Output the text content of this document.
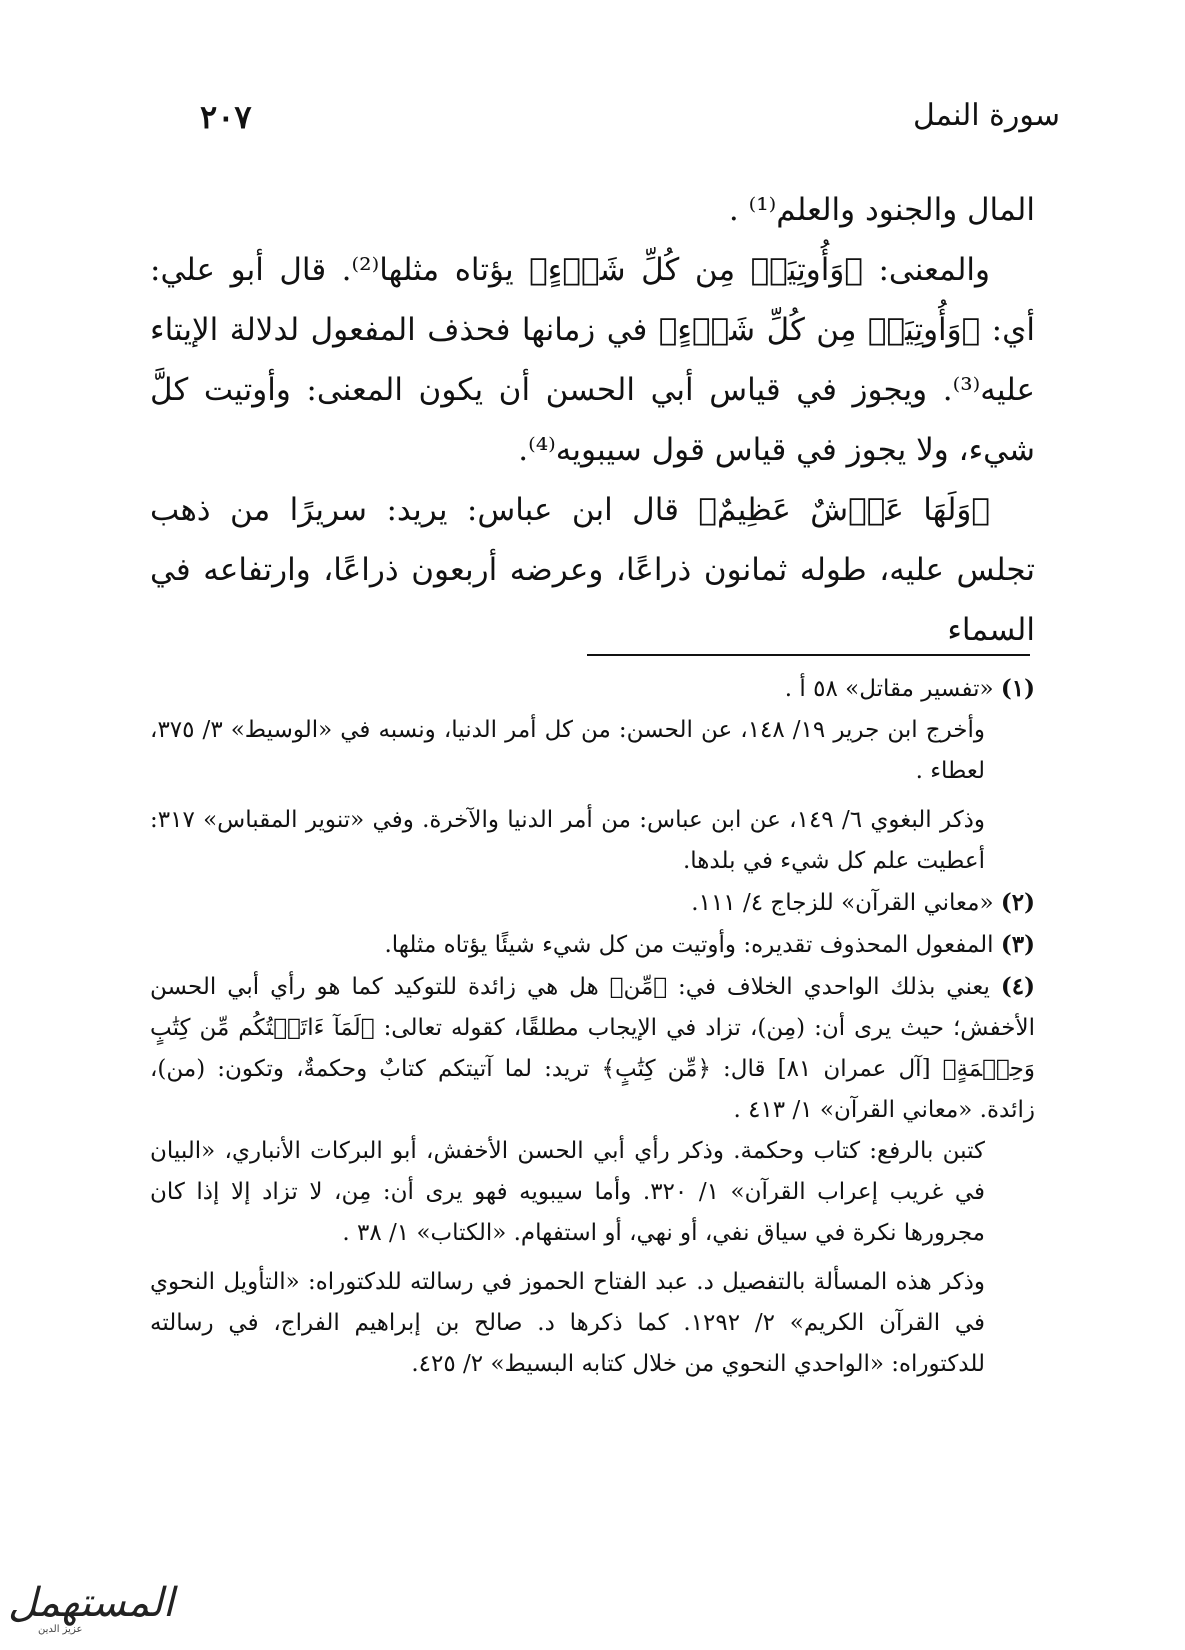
سورة النمل
٢٠٧

المال والجنود والعلم⁽¹⁾ .

والمعنى: ﴿وَأُوتِيَتۡ مِن كُلِّ شَيۡءٍ﴾ يؤتاه مثلها⁽²⁾. قال أبو علي: أي: ﴿وَأُوتِيَتۡ مِن كُلِّ شَيۡءٍ﴾ في زمانها فحذف المفعول لدلالة الإيتاء عليه⁽³⁾. ويجوز في قياس أبي الحسن أن يكون المعنى: وأوتيت كلَّ شيء، ولا يجوز في قياس قول سيبويه⁽⁴⁾.

﴿وَلَهَا عَرۡشٌ عَظِيمٌ﴾ قال ابن عباس: يريد: سريرًا من ذهب تجلس عليه، طوله ثمانون ذراعًا، وعرضه أربعون ذراعًا، وارتفاعه في السماء

(١) «تفسير مقاتل» ٥٨ أ .

وأخرج ابن جرير ١٩/ ١٤٨، عن الحسن: من كل أمر الدنيا، ونسبه في «الوسيط» ٣/ ٣٧٥، لعطاء .

وذكر البغوي ٦/ ١٤٩، عن ابن عباس: من أمر الدنيا والآخرة. وفي «تنوير المقباس» ٣١٧: أعطيت علم كل شيء في بلدها.

(٢) «معاني القرآن» للزجاج ٤/ ١١١.

(٣) المفعول المحذوف تقديره: وأوتيت من كل شيء شيئًا يؤتاه مثلها.

(٤) يعني بذلك الواحدي الخلاف في: ﴿مِّن﴾ هل هي زائدة للتوكيد كما هو رأي أبي الحسن الأخفش؛ حيث يرى أن: (مِن)، تزاد في الإيجاب مطلقًا، كقوله تعالى: ﴿لَمَآ ءَاتَيۡتُكُم مِّن كِتَٰبٍ وَحِكۡمَةٍ﴾ [آل عمران ٨١] قال: ﴿مِّن كِتَٰبٍ﴾ تريد: لما آتيتكم كتابٌ وحكمةٌ، وتكون: (من)، زائدة. «معاني القرآن» ١/ ٤١٣ .

كتبن بالرفع: كتاب وحكمة. وذكر رأي أبي الحسن الأخفش، أبو البركات الأنباري، «البيان في غريب إعراب القرآن» ١/ ٣٢٠. وأما سيبويه فهو يرى أن: مِن، لا تزاد إلا إذا كان مجرورها نكرة في سياق نفي، أو نهي، أو استفهام. «الكتاب» ١/ ٣٨ .

وذكر هذه المسألة بالتفصيل د. عبد الفتاح الحموز في رسالته للدكتوراه: «التأويل النحوي في القرآن الكريم» ٢/ ١٢٩٢. كما ذكرها د. صالح بن إبراهيم الفراج، في رسالته للدكتوراه: «الواحدي النحوي من خلال كتابه البسيط» ٢/ ٤٢٥.

المستهمل
عزيز الدين
